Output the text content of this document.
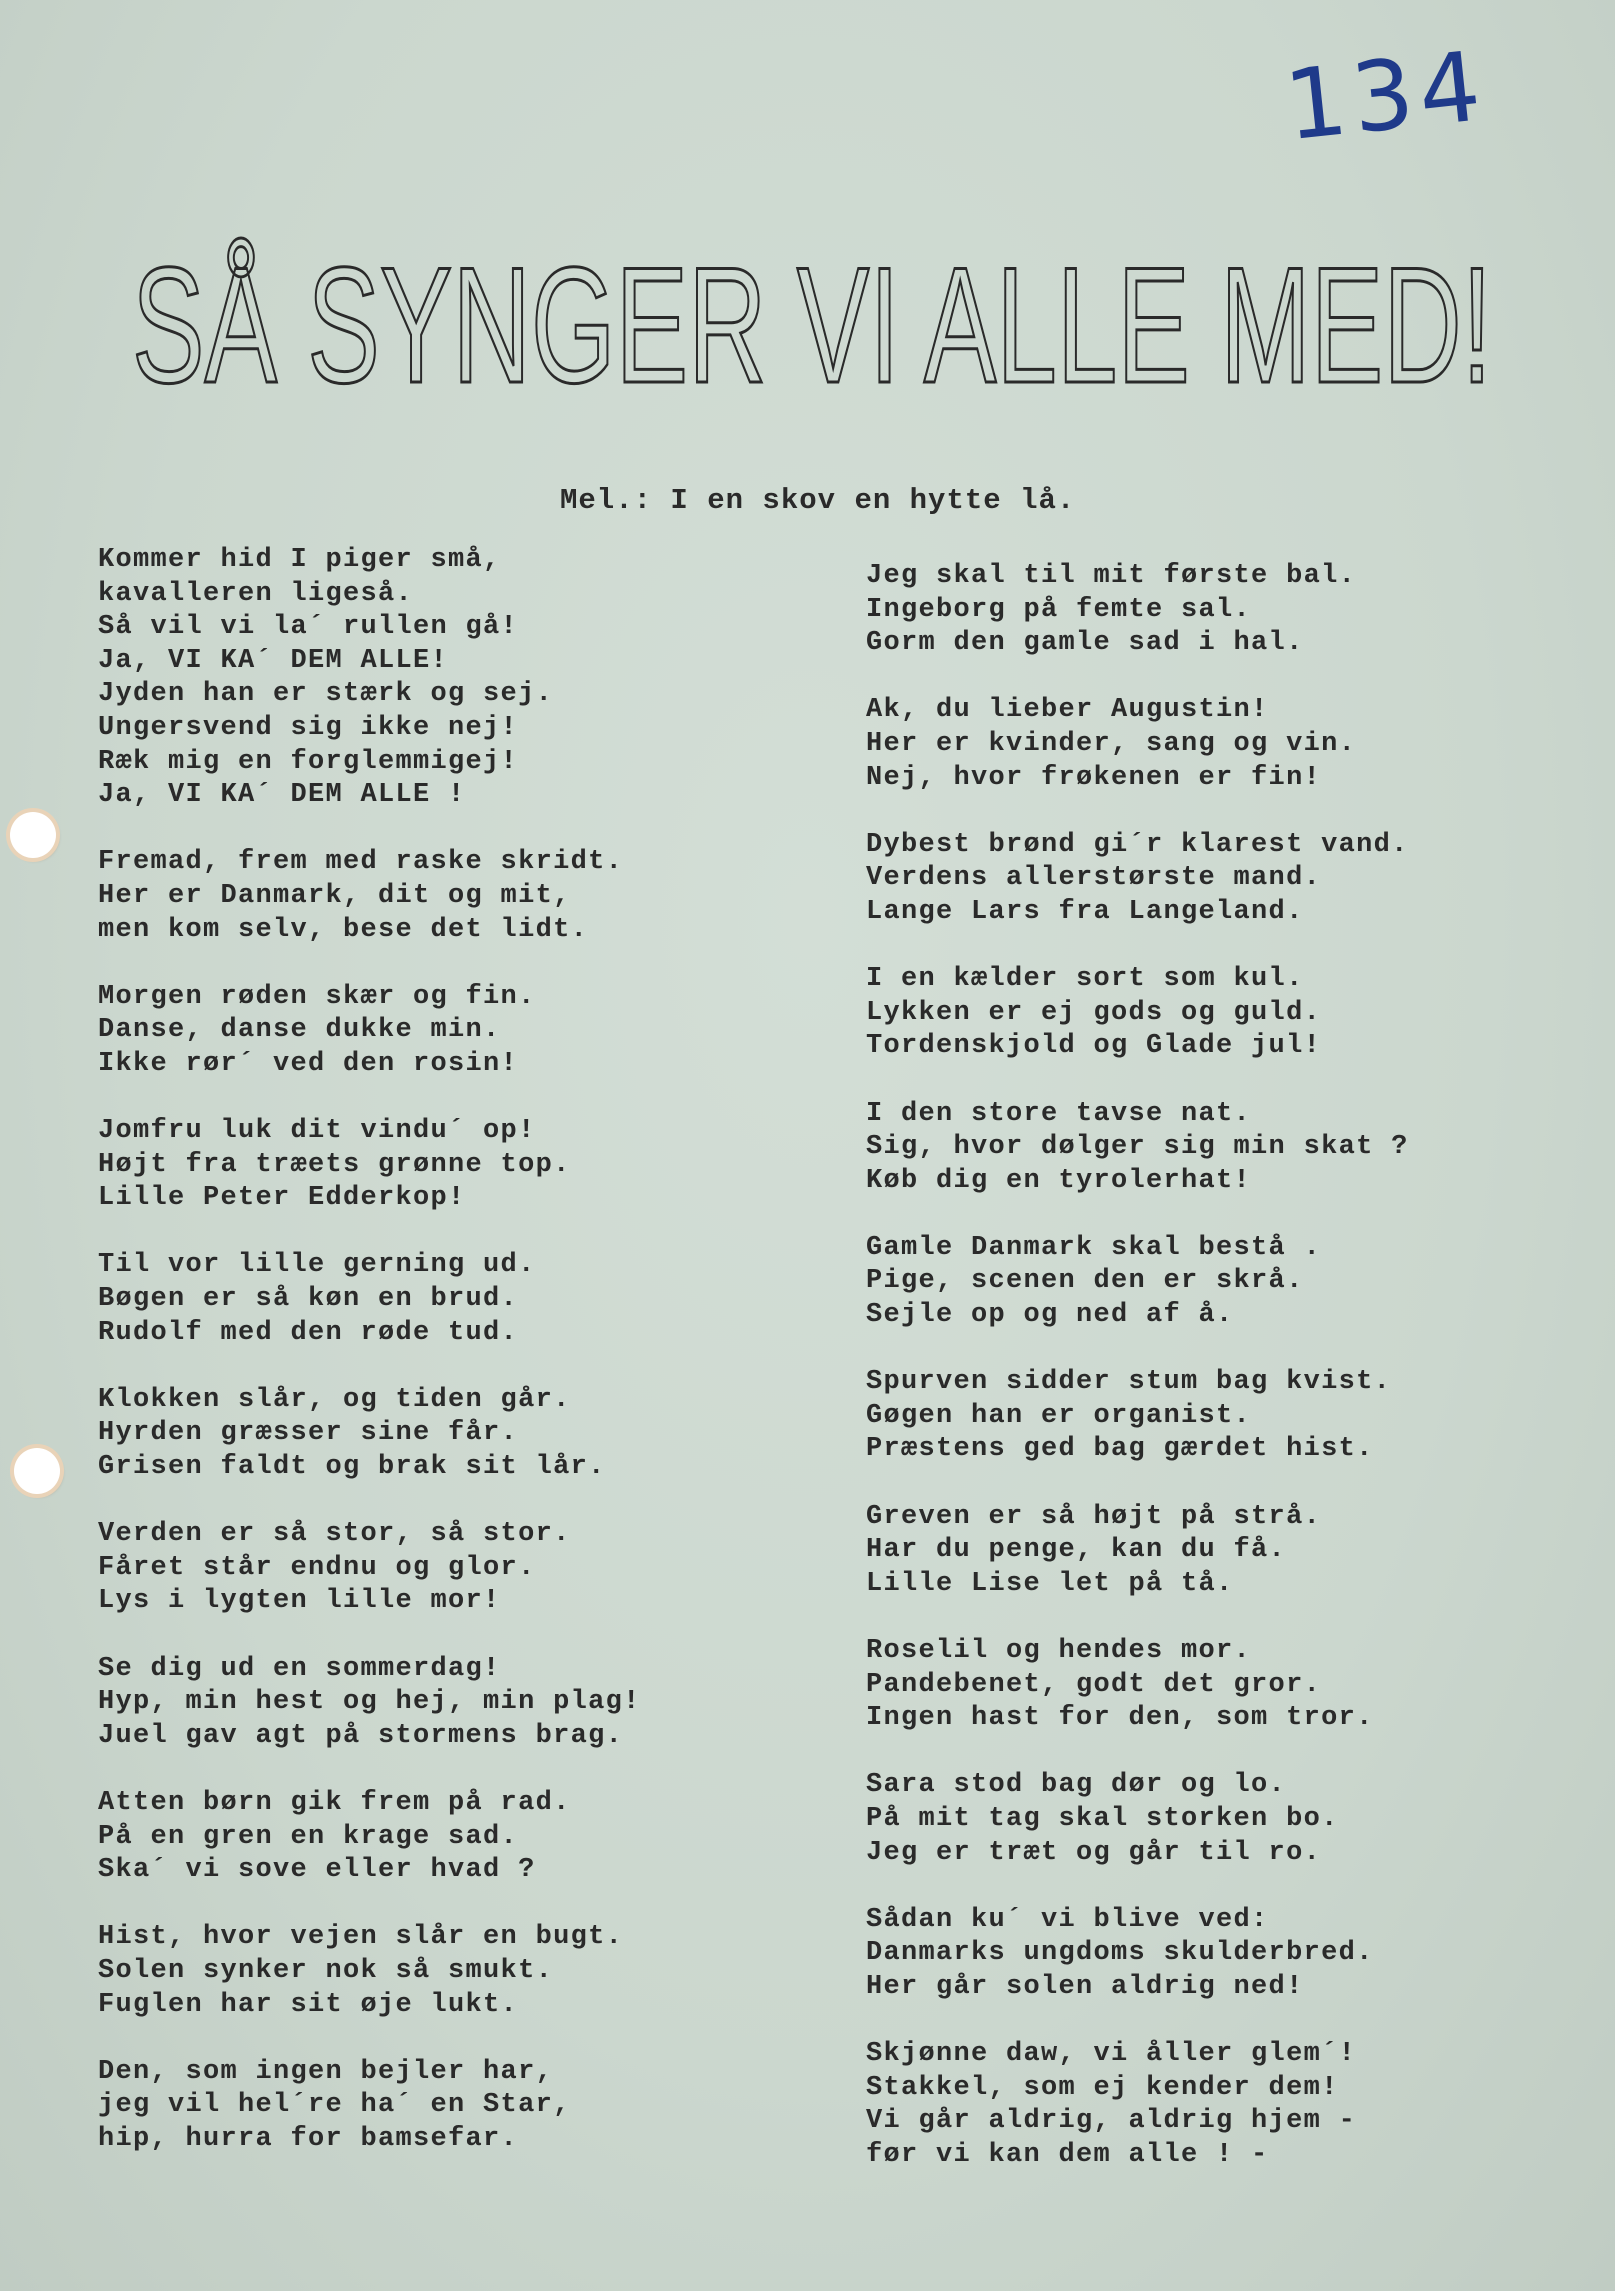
134
SÅ SYNGER VI ALLE MED!
Mel.: I en skov en hytte lå.
Kommer hid I piger små,
kavalleren ligeså.
Så vil vi la´ rullen gå!
Ja, VI KA´ DEM ALLE!
Jyden han er stærk og sej.
Ungersvend sig ikke nej!
Ræk mig en forglemmigej!
Ja, VI KA´ DEM ALLE !
Fremad, frem med raske skridt.
Her er Danmark, dit og mit,
men kom selv, bese det lidt.
Morgen røden skær og fin.
Danse, danse dukke min.
Ikke rør´ ved den rosin!
Jomfru luk dit vindu´ op!
Højt fra træets grønne top.
Lille Peter Edderkop!
Til vor lille gerning ud.
Bøgen er så køn en brud.
Rudolf med den røde tud.
Klokken slår, og tiden går.
Hyrden græsser sine får.
Grisen faldt og brak sit lår.
Verden er så stor, så stor.
Fåret står endnu og glor.
Lys i lygten lille mor!
Se dig ud en sommerdag!
Hyp, min hest og hej, min plag!
Juel gav agt på stormens brag.
Atten børn gik frem på rad.
På en gren en krage sad.
Ska´ vi sove eller hvad ?
Hist, hvor vejen slår en bugt.
Solen synker nok så smukt.
Fuglen har sit øje lukt.
Den, som ingen bejler har,
jeg vil hel´re ha´ en Star,
hip, hurra for bamsefar.
Jeg skal til mit første bal.
Ingeborg på femte sal.
Gorm den gamle sad i hal.
Ak, du lieber Augustin!
Her er kvinder, sang og vin.
Nej, hvor frøkenen er fin!
Dybest brønd gi´r klarest vand.
Verdens allerstørste mand.
Lange Lars fra Langeland.
I en kælder sort som kul.
Lykken er ej gods og guld.
Tordenskjold og Glade jul!
I den store tavse nat.
Sig, hvor dølger sig min skat ?
Køb dig en tyrolerhat!
Gamle Danmark skal bestå .
Pige, scenen den er skrå.
Sejle op og ned af å.
Spurven sidder stum bag kvist.
Gøgen han er organist.
Præstens ged bag gærdet hist.
Greven er så højt på strå.
Har du penge, kan du få.
Lille Lise let på tå.
Roselil og hendes mor.
Pandebenet, godt det gror.
Ingen hast for den, som tror.
Sara stod bag dør og lo.
På mit tag skal storken bo.
Jeg er træt og går til ro.
Sådan ku´ vi blive ved:
Danmarks ungdoms skulderbred.
Her går solen aldrig ned!
Skjønne daw, vi åller glem´!
Stakkel, som ej kender dem!
Vi går aldrig, aldrig hjem -
før vi kan dem alle ! -
